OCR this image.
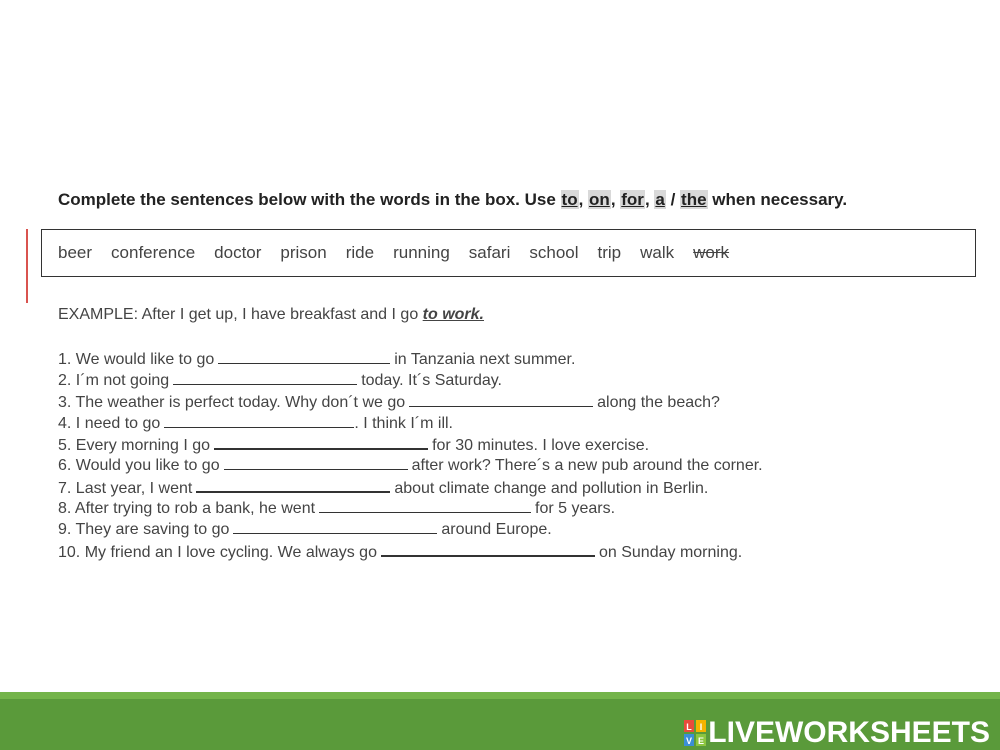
Complete the sentences below with the words in the box. Use to, on, for, a / the when necessary.
beer conference doctor prison ride running safari school trip walk work
EXAMPLE: After I get up, I have breakfast and I go to work.
1. We would like to go	in Tanzania next summer.
2. I´m not going	today. It´s Saturday.
3. The weather is perfect today. Why don´t we go	along the beach?
4. I need to go	. I think I´m ill.
5. Every morning I go	for 30 minutes. I love exercise.
6. Would you like to go	after work? There´s a new pub around the corner.
7. Last year, I went	about climate change and pollution in Berlin.
8. After trying to rob a bank, he went	for 5 years.
9. They are saving to go	around Europe.
10. My friend an I love cycling. We always go	on Sunday morning.
L I
V E LIVEWORKSHEETS
